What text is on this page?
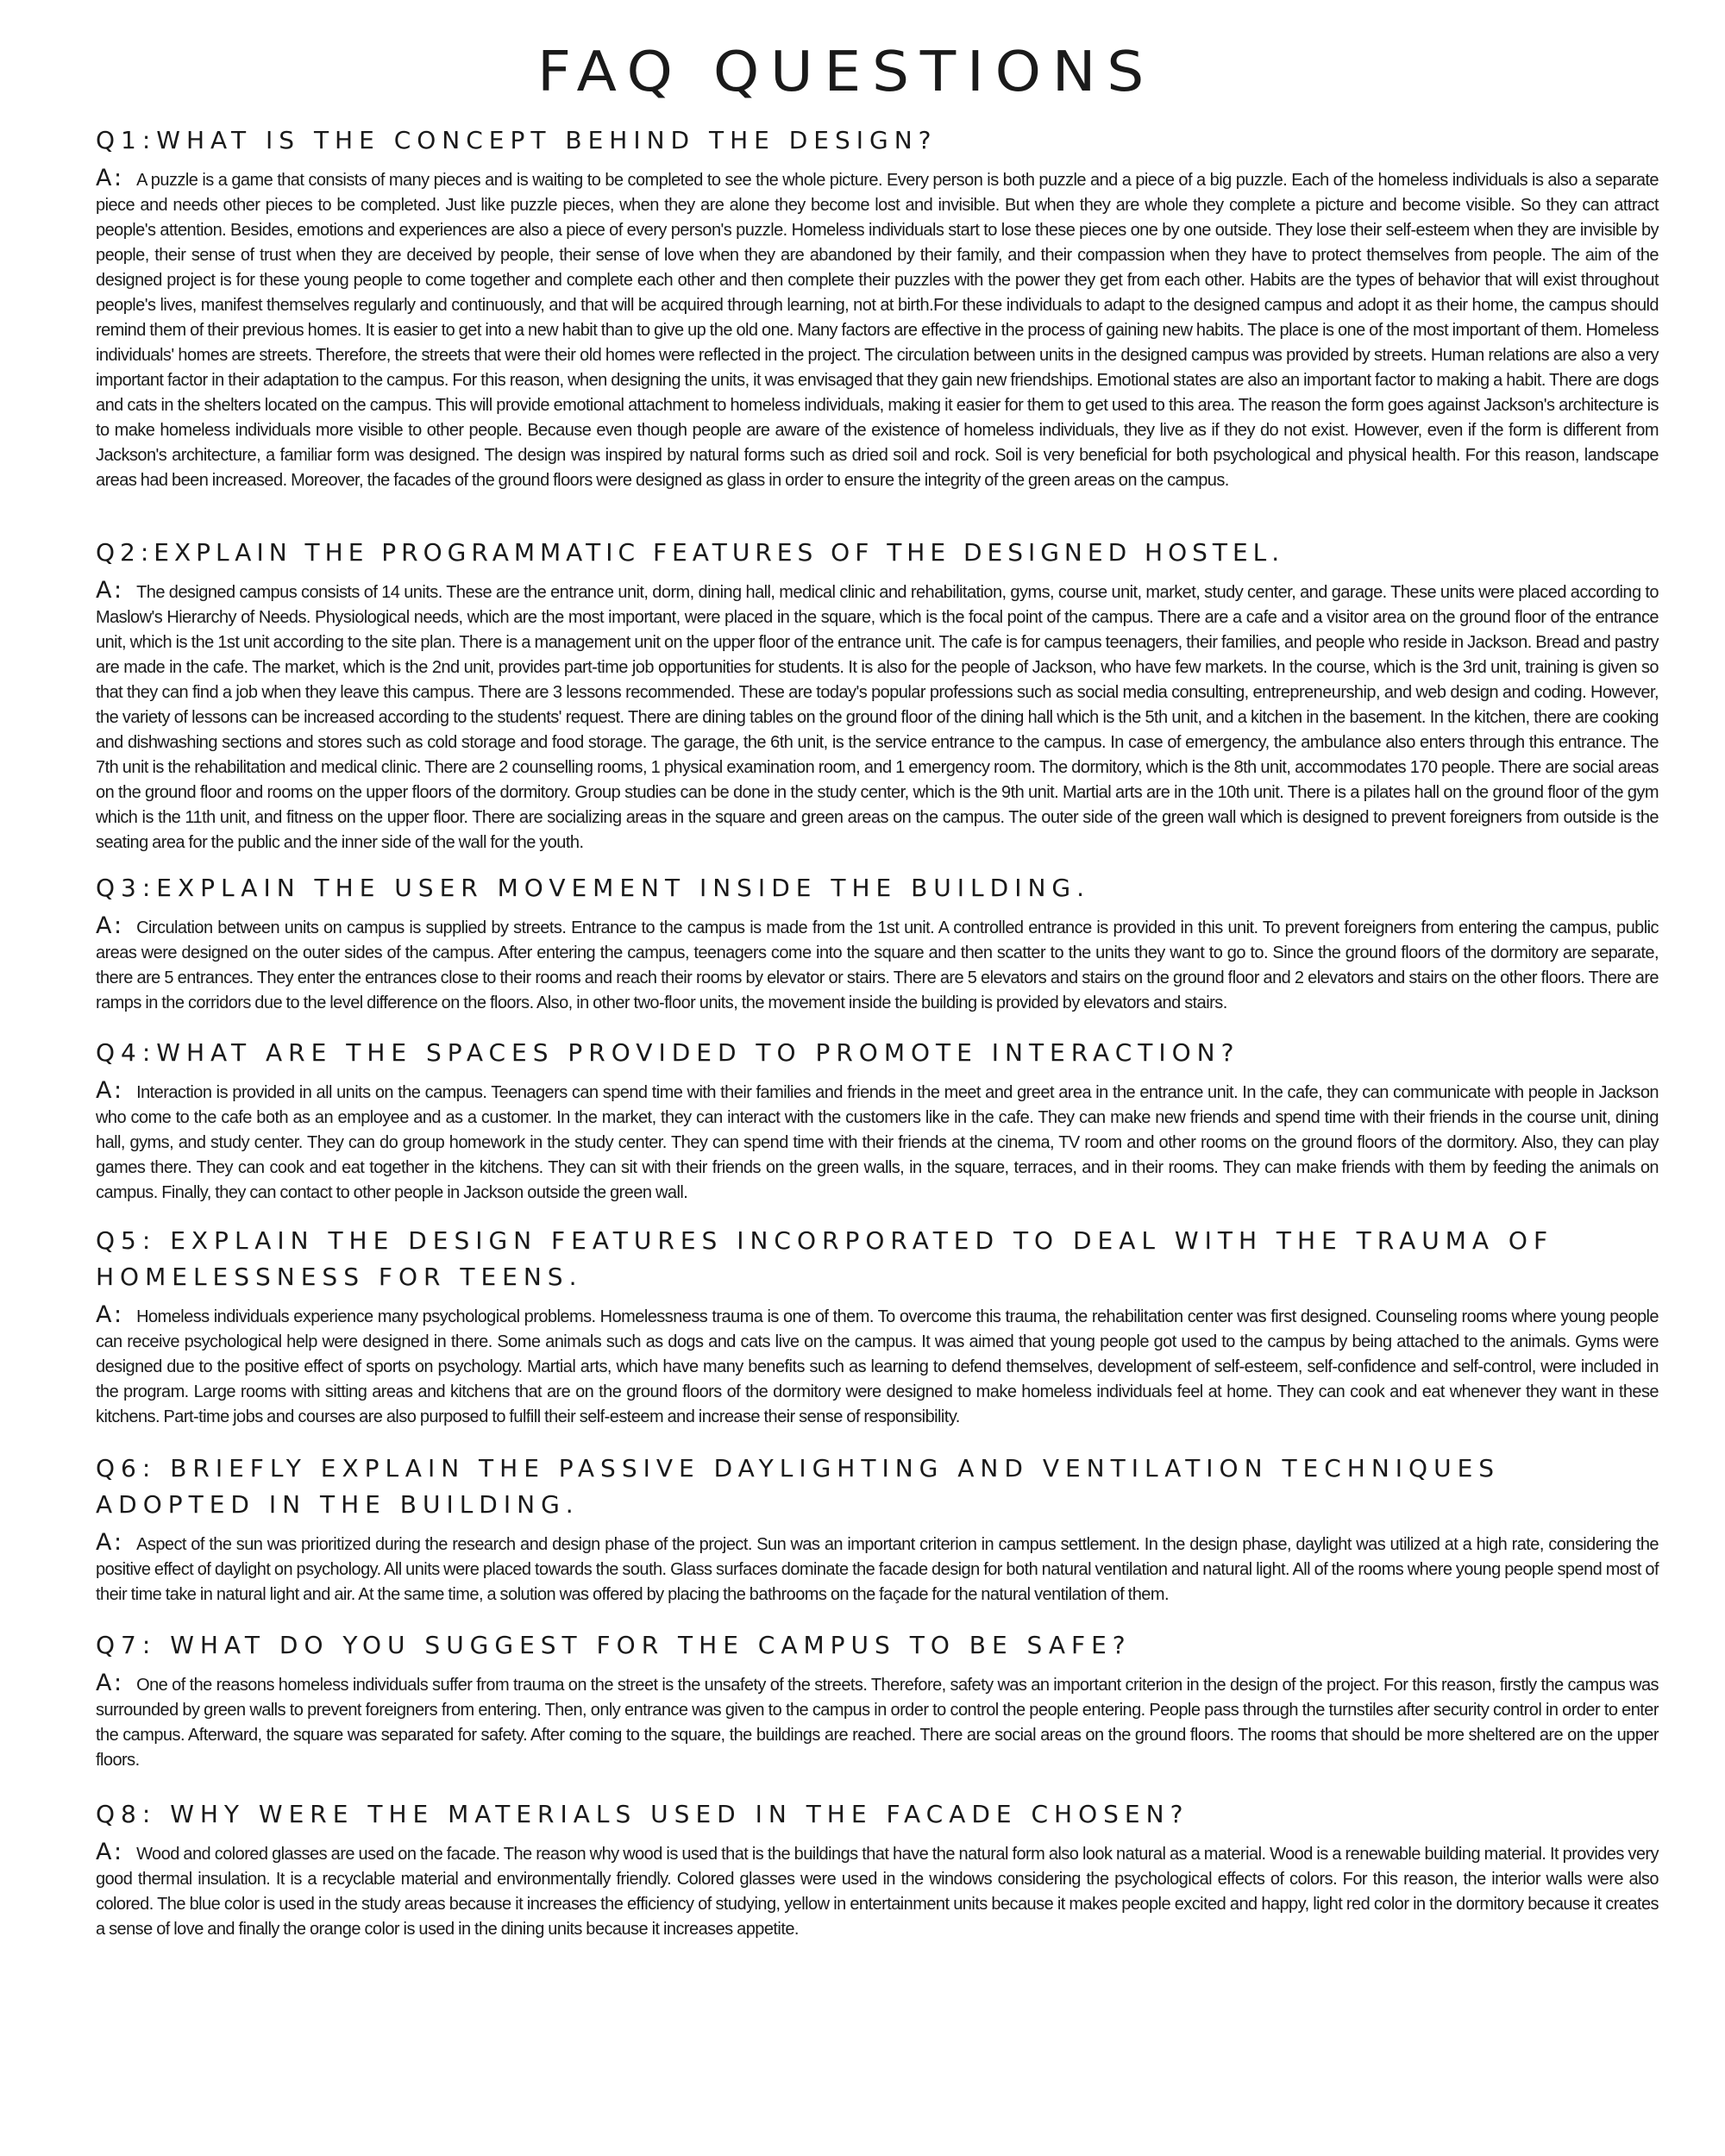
FAQ QUESTIONS
Q1:WHAT IS THE CONCEPT BEHIND THE DESIGN?

A: A puzzle is a game that consists of many pieces and is waiting to be completed to see the whole picture. Every person is both puzzle and a piece of a big puzzle. Each of the homeless individuals is also a separate piece and needs other pieces to be completed. Just like puzzle pieces, when they are alone they become lost and invisible. But when they are whole they complete a picture and become visible. So they can attract people's attention. Besides, emotions and experiences are also a piece of every person's puzzle. Homeless individuals start to lose these pieces one by one outside. They lose their self-esteem when they are invisible by people, their sense of trust when they are deceived by people, their sense of love when they are abandoned by their family, and their compassion when they have to protect themselves from people. The aim of the designed project is for these young people to come together and complete each other and then complete their puzzles with the power they get from each other. Habits are the types of behavior that will exist throughout people's lives, manifest themselves regularly and continuously, and that will be acquired through learning, not at birth.For these individuals to adapt to the designed campus and adopt it as their home, the campus should remind them of their previous homes. It is easier to get into a new habit than to give up the old one. Many factors are effective in the process of gaining new habits. The place is one of the most important of them. Homeless individuals' homes are streets. Therefore, the streets that were their old homes were reflected in the project. The circulation between units in the designed campus was provided by streets. Human relations are also a very important factor in their adaptation to the campus. For this reason, when designing the units, it was envisaged that they gain new friendships. Emotional states are also an important factor to making a habit. There are dogs and cats in the shelters located on the campus. This will provide emotional attachment to homeless individuals, making it easier for them to get used to this area. The reason the form goes against Jackson's architecture is to make homeless individuals more visible to other people. Because even though people are aware of the existence of homeless individuals, they live as if they do not exist. However, even if the form is different from Jackson's architecture, a familiar form was designed. The design was inspired by natural forms such as dried soil and rock. Soil is very beneficial for both psychological and physical health. For this reason, landscape areas had been increased. Moreover, the facades of the ground floors were designed as glass in order to ensure the integrity of the green areas on the campus.

Q2:EXPLAIN THE PROGRAMMATIC FEATURES OF THE DESIGNED HOSTEL.

A: The designed campus consists of 14 units. These are the entrance unit, dorm, dining hall, medical clinic and rehabilitation, gyms, course unit, market, study center, and garage. These units were placed according to Maslow's Hierarchy of Needs. Physiological needs, which are the most important, were placed in the square, which is the focal point of the campus. There are a cafe and a visitor area on the ground floor of the entrance unit, which is the 1st unit according to the site plan. There is a management unit on the upper floor of the entrance unit. The cafe is for campus teenagers, their families, and people who reside in Jackson. Bread and pastry are made in the cafe. The market, which is the 2nd unit, provides part-time job opportunities for students. It is also for the people of Jackson, who have few markets. In the course, which is the 3rd unit, training is given so that they can find a job when they leave this campus. There are 3 lessons recommended. These are today's popular professions such as social media consulting, entrepreneurship, and web design and coding. However, the variety of lessons can be increased according to the students' request. There are dining tables on the ground floor of the dining hall which is the 5th unit, and a kitchen in the basement. In the kitchen, there are cooking and dishwashing sections and stores such as cold storage and food storage. The garage, the 6th unit, is the service entrance to the campus. In case of emergency, the ambulance also enters through this entrance. The 7th unit is the rehabilitation and medical clinic. There are 2 counselling rooms, 1 physical examination room, and 1 emergency room. The dormitory, which is the 8th unit, accommodates 170 people. There are social areas on the ground floor and rooms on the upper floors of the dormitory. Group studies can be done in the study center, which is the 9th unit. Martial arts are in the 10th unit. There is a pilates hall on the ground floor of the gym which is the 11th unit, and fitness on the upper floor. There are socializing areas in the square and green areas on the campus. The outer side of the green wall which is designed to prevent foreigners from outside is the seating area for the public and the inner side of the wall for the youth.

Q3:EXPLAIN THE USER MOVEMENT INSIDE THE BUILDING.

A: Circulation between units on campus is supplied by streets. Entrance to the campus is made from the 1st unit. A controlled entrance is provided in this unit. To prevent foreigners from entering the campus, public areas were designed on the outer sides of the campus. After entering the campus, teenagers come into the square and then scatter to the units they want to go to. Since the ground floors of the dormitory are separate, there are 5 entrances. They enter the entrances close to their rooms and reach their rooms by elevator or stairs. There are 5 elevators and stairs on the ground floor and 2 elevators and stairs on the other floors. There are ramps in the corridors due to the level difference on the floors. Also, in other two-floor units, the movement inside the building is provided by elevators and stairs.

Q4:WHAT ARE THE SPACES PROVIDED TO PROMOTE INTERACTION?

A: Interaction is provided in all units on the campus. Teenagers can spend time with their families and friends in the meet and greet area in the entrance unit. In the cafe, they can communicate with people in Jackson who come to the cafe both as an employee and as a customer. In the market, they can interact with the customers like in the cafe. They can make new friends and spend time with their friends in the course unit, dining hall, gyms, and study center. They can do group homework in the study center. They can spend time with their friends at the cinema, TV room and other rooms on the ground floors of the dormitory. Also, they can play games there. They can cook and eat together in the kitchens. They can sit with their friends on the green walls, in the square, terraces, and in their rooms. They can make friends with them by feeding the animals on campus. Finally, they can contact to other people in Jackson outside the green wall.

Q5: EXPLAIN THE DESIGN FEATURES INCORPORATED TO DEAL WITH THE TRAUMA OF HOMELESSNESS FOR TEENS.

A: Homeless individuals experience many psychological problems. Homelessness trauma is one of them. To overcome this trauma, the rehabilitation center was first designed. Counseling rooms where young people can receive psychological help were designed in there. Some animals such as dogs and cats live on the campus. It was aimed that young people got used to the campus by being attached to the animals. Gyms were designed due to the positive effect of sports on psychology. Martial arts, which have many benefits such as learning to defend themselves, development of self-esteem, self-confidence and self-control, were included in the program. Large rooms with sitting areas and kitchens that are on the ground floors of the dormitory were designed to make homeless individuals feel at home. They can cook and eat whenever they want in these kitchens. Part-time jobs and courses are also purposed to fulfill their self-esteem and increase their sense of responsibility.

Q6: BRIEFLY EXPLAIN THE PASSIVE DAYLIGHTING AND VENTILATION TECHNIQUES ADOPTED IN THE BUILDING.

A: Aspect of the sun was prioritized during the research and design phase of the project. Sun was an important criterion in campus settlement. In the design phase, daylight was utilized at a high rate, considering the positive effect of daylight on psychology. All units were placed towards the south. Glass surfaces dominate the facade design for both natural ventilation and natural light. All of the rooms where young people spend most of their time take in natural light and air. At the same time, a solution was offered by placing the bathrooms on the façade for the natural ventilation of them.

Q7: WHAT DO YOU SUGGEST FOR THE CAMPUS TO BE SAFE?

A: One of the reasons homeless individuals suffer from trauma on the street is the unsafety of the streets. Therefore, safety was an important criterion in the design of the project. For this reason, firstly the campus was surrounded by green walls to prevent foreigners from entering. Then, only entrance was given to the campus in order to control the people entering. People pass through the turnstiles after security control in order to enter the campus. Afterward, the square was separated for safety. After coming to the square, the buildings are reached. There are social areas on the ground floors. The rooms that should be more sheltered are on the upper floors.

Q8: WHY WERE THE MATERIALS USED IN THE FACADE CHOSEN?

A: Wood and colored glasses are used on the facade. The reason why wood is used that is the buildings that have the natural form also look natural as a material. Wood is a renewable building material. It provides very good thermal insulation. It is a recyclable material and environmentally friendly. Colored glasses were used in the windows considering the psychological effects of colors. For this reason, the interior walls were also colored. The blue color is used in the study areas because it increases the efficiency of studying, yellow in entertainment units because it makes people excited and happy, light red color in the dormitory because it creates a sense of love and finally the orange color is used in the dining units because it increases appetite.
